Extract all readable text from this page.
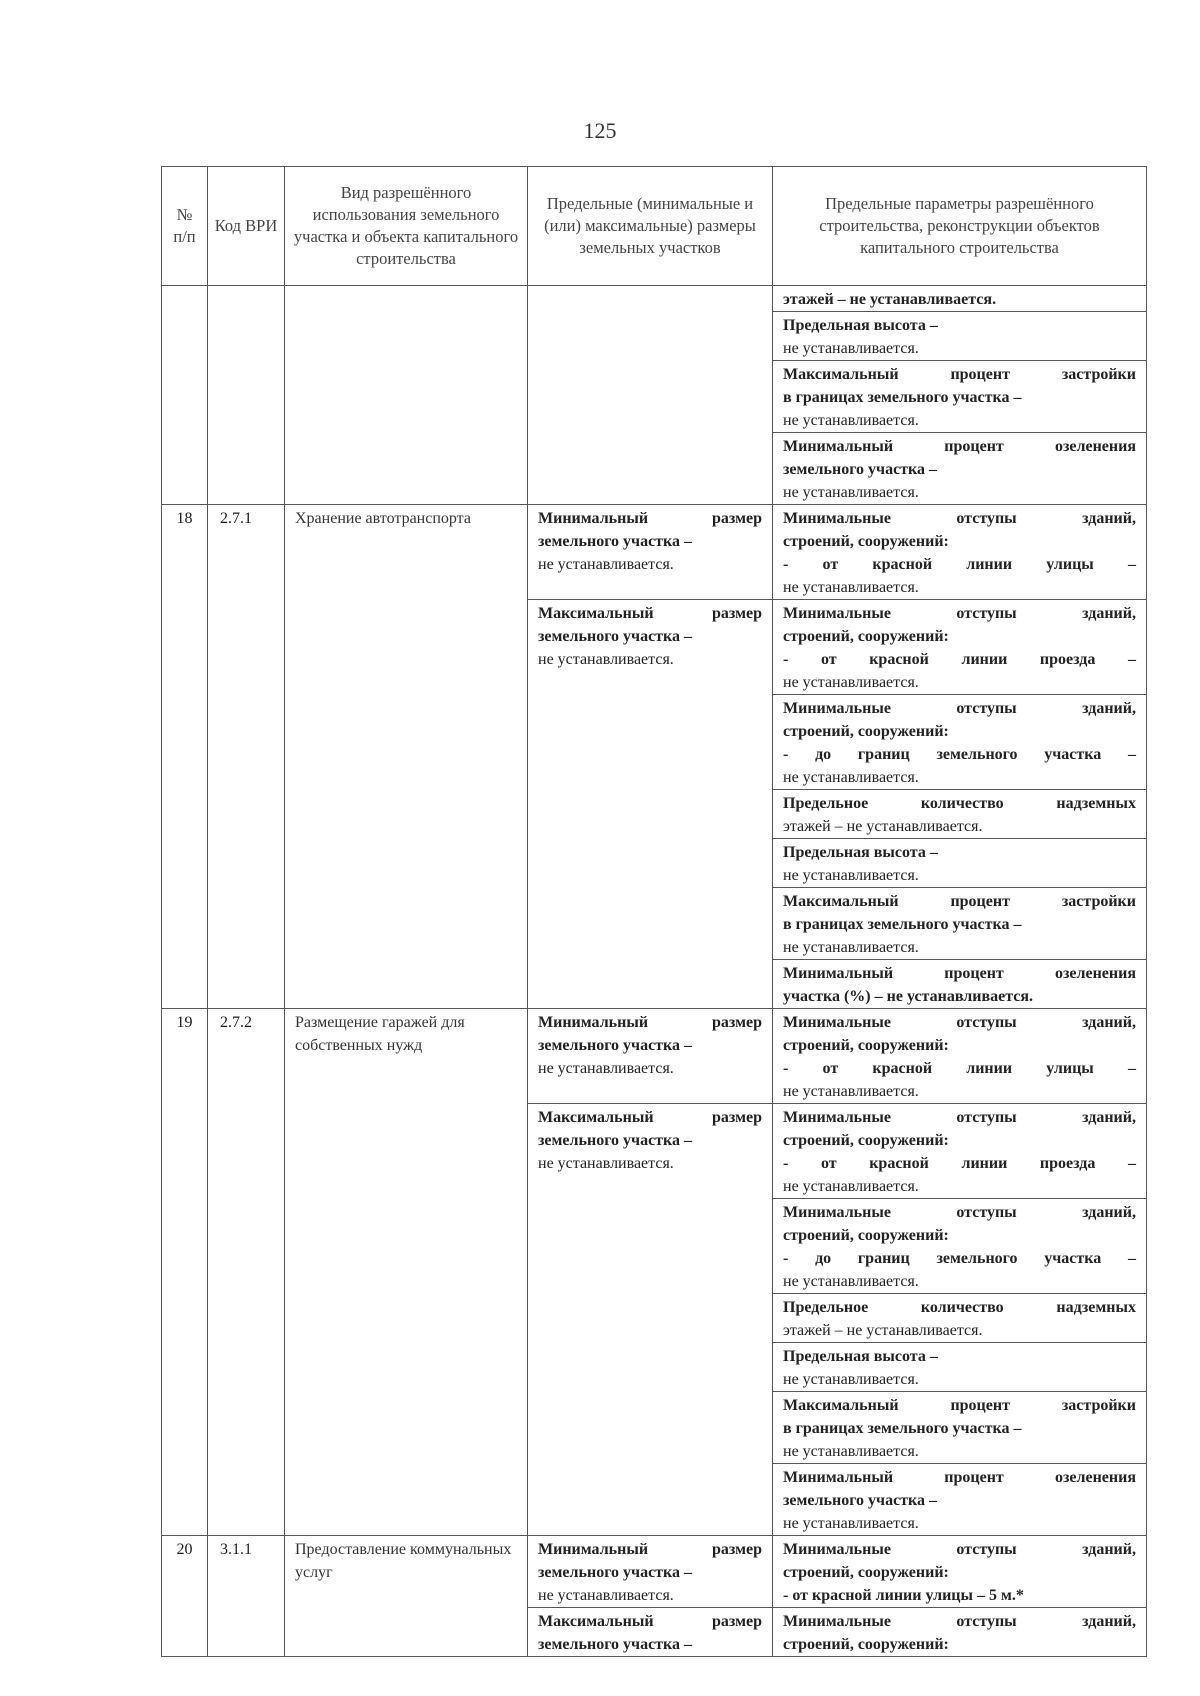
125
№ п/п	Код ВРИ	Вид разрешённого использования земельного участка и объекта капитального строительства	Предельные (минимальные и (или) максимальные) размеры земельных участков	Предельные параметры разрешённого строительства, реконструкции объектов капитального строительства

				этажей – не устанавливается.

				Предельная высота –
не устанавливается.

				Максимальный процент застройки
в границах земельного участка –
не устанавливается.

				Минимальный процент озеленения
земельного участка –
не устанавливается.

18	2.7.1	Хранение автотранспорта	Минимальный размер
земельного участка –
не устанавливается.	Минимальные отступы зданий,
строений, сооружений:
- от красной линии улицы –
не устанавливается.

			Максимальный размер
земельного участка –
не устанавливается.	Минимальные отступы зданий,
строений, сооружений:
- от красной линии проезда –
не устанавливается.

				Минимальные отступы зданий,
строений, сооружений:
- до границ земельного участка –
не устанавливается.

				Предельное количество надземных
этажей – не устанавливается.

				Предельная высота –
не устанавливается.

				Максимальный процент застройки
в границах земельного участка –
не устанавливается.

				Минимальный процент озеленения
участка (%) – не устанавливается.

19	2.7.2	Размещение гаражей для собственных нужд	Минимальный размер
земельного участка –
не устанавливается.	Минимальные отступы зданий,
строений, сооружений:
- от красной линии улицы –
не устанавливается.

			Максимальный размер
земельного участка –
не устанавливается.	Минимальные отступы зданий,
строений, сооружений:
- от красной линии проезда –
не устанавливается.

				Минимальные отступы зданий,
строений, сооружений:
- до границ земельного участка –
не устанавливается.

				Предельное количество надземных
этажей – не устанавливается.

				Предельная высота –
не устанавливается.

				Максимальный процент застройки
в границах земельного участка –
не устанавливается.

				Минимальный процент озеленения
земельного участка –
не устанавливается.

20	3.1.1	Предоставление коммунальных услуг	Минимальный размер
земельного участка –
не устанавливается.	Минимальные отступы зданий,
строений, сооружений:
- от красной линии улицы – 5 м.*

			Максимальный размер
земельного участка –	Минимальные отступы зданий,
строений, сооружений:
